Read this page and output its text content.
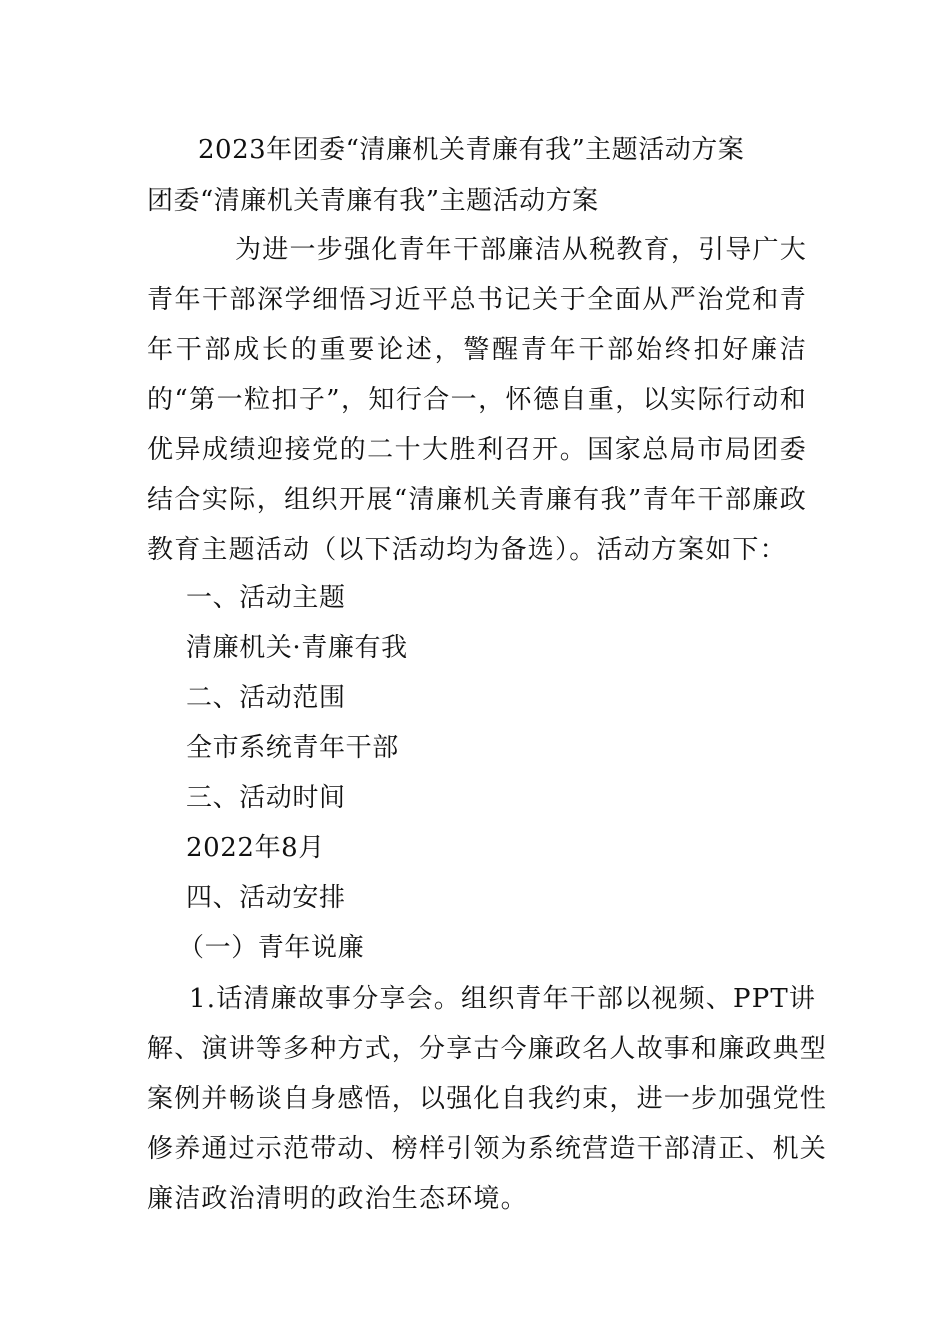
2023年团委“清廉机关青廉有我”主题活动方案
团委“清廉机关青廉有我”主题活动方案
为进一步强化青年干部廉洁从税教育，引导广大青年干部深学细悟习近平总书记关于全面从严治党和青年干部成长的重要论述，警醒青年干部始终扣好廉洁的“第一粒扣子”，知行合一，怀德自重，以实际行动和优异成绩迎接党的二十大胜利召开。国家总局市局团委结合实际，组织开展“清廉机关青廉有我”青年干部廉政教育主题活动（以下活动均为备选）。活动方案如下：
一、活动主题
清廉机关·青廉有我
二、活动范围
全市系统青年干部
三、活动时间
2022年8月
四、活动安排
（一）青年说廉
1.话清廉故事分享会。组织青年干部以视频、PPT讲解、演讲等多种方式，分享古今廉政名人故事和廉政典型案例并畅谈自身感悟，以强化自我约束，进一步加强党性修养通过示范带动、榜样引领为系统营造干部清正、机关廉洁政治清明的政治生态环境。
